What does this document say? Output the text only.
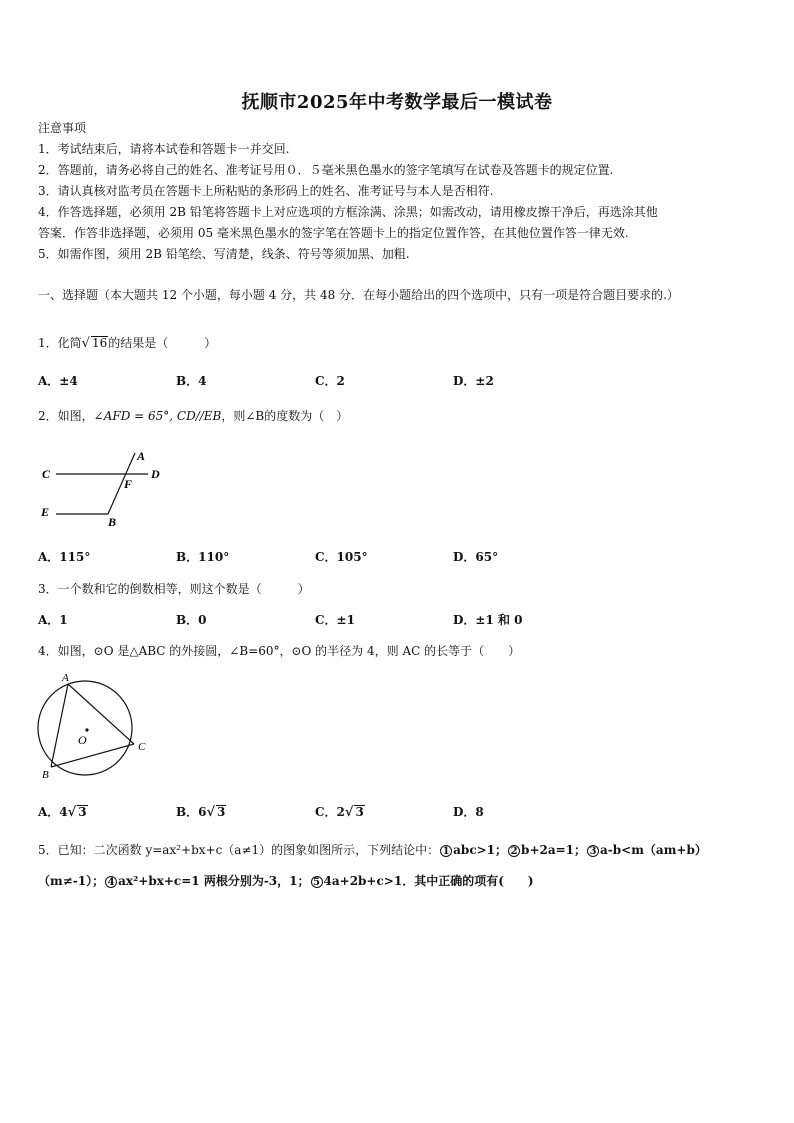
抚顺市2025年中考数学最后一模试卷
注意事项
1．考试结束后，请将本试卷和答题卡一并交回.
2．答题前，请务必将自己的姓名、准考证号用０．５毫米黑色墨水的签字笔填写在试卷及答题卡的规定位置.
3．请认真核对监考员在答题卡上所粘贴的条形码上的姓名、准考证号与本人是否相符.
4．作答选择题，必须用 2B 铅笔将答题卡上对应选项的方框涂满、涂黑；如需改动，请用橡皮擦干净后，再选涂其他
答案．作答非选择题，必须用 05 毫米黑色墨水的签字笔在答题卡上的指定位置作答，在其他位置作答一律无效.
5．如需作图，须用 2B 铅笔绘、写清楚，线条、符号等须加黑、加粗.
一、选择题（本大题共 12 个小题，每小题 4 分，共 48 分．在每小题给出的四个选项中，只有一项是符合题目要求的.）
1．化简√ 16的结果是（　　　）
A．±4	B．4	C．2	D．±2
2．如图，∠AFD = 65°, CD//EB，则∠B的度数为（　）
A
C
F
D
E
B
A．115°	B．110°	C．105°	D．65°
3．一个数和它的倒数相等，则这个数是（　　　）
A．1	B．0	C．±1	D．±1 和 0
4．如图，⊙O 是△ABC 的外接圆，∠B=60°，⊙O 的半径为 4，则 AC 的长等于（　　）
A
O	C
B
A．4√ 3	B．6√ 3	C．2√ 3	D．8
5．已知：二次函数 y=ax²+bx+c（a≠1）的图象如图所示，下列结论中： 1 abc>1； 2 b+2a=1； 3 a-b<m（am+b）
（m≠-1）； 4 ax²+bx+c=1 两根分别为-3，1； 5 4a+2b+c>1．其中正确的项有(　　)
